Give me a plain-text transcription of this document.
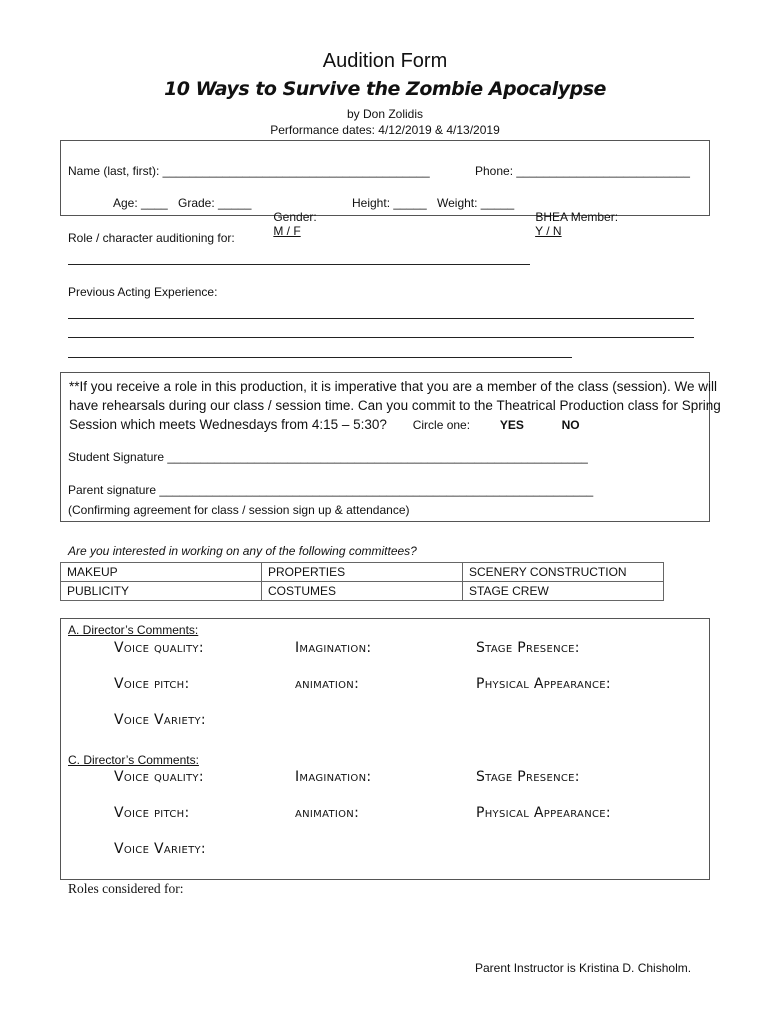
Audition Form
10 Ways to Survive the Zombie Apocalypse
by Don Zolidis
Performance dates: 4/12/2019 & 4/13/2019
Name (last, first): ________________________________________	Phone: __________________________
Age: ____ Grade: _____

Gender:
M / F

Height: _____ Weight: _____

BHEA Member:
Y / N

Role / character auditioning for:
Previous Acting Experience:
**If you receive a role in this production, it is imperative that you are a member of the class (session). We will have rehearsals during our class / session time. Can you commit to the Theatrical Production class for Spring Session which meets Wednesdays from 4:15 – 5:30? Circle one: YES	NO
Student Signature _______________________________________________________________
Parent signature _________________________________________________________________
(Confirming agreement for class / session sign up & attendance)
Are you interested in working on any of the following committees?
MAKEUP	PROPERTIES	SCENERY CONSTRUCTION
PUBLICITY	COSTUMES	STAGE CREW
A. Director’s Comments:
Voice quality:	Imagination:	Stage Presence:
Voice pitch:	animation:	Physical Appearance:
Voice Variety:
C. Director’s Comments:
Voice quality:	Imagination:	Stage Presence:
Voice pitch:	animation:	Physical Appearance:
Voice Variety:
Roles considered for:
Parent Instructor is Kristina D. Chisholm.
